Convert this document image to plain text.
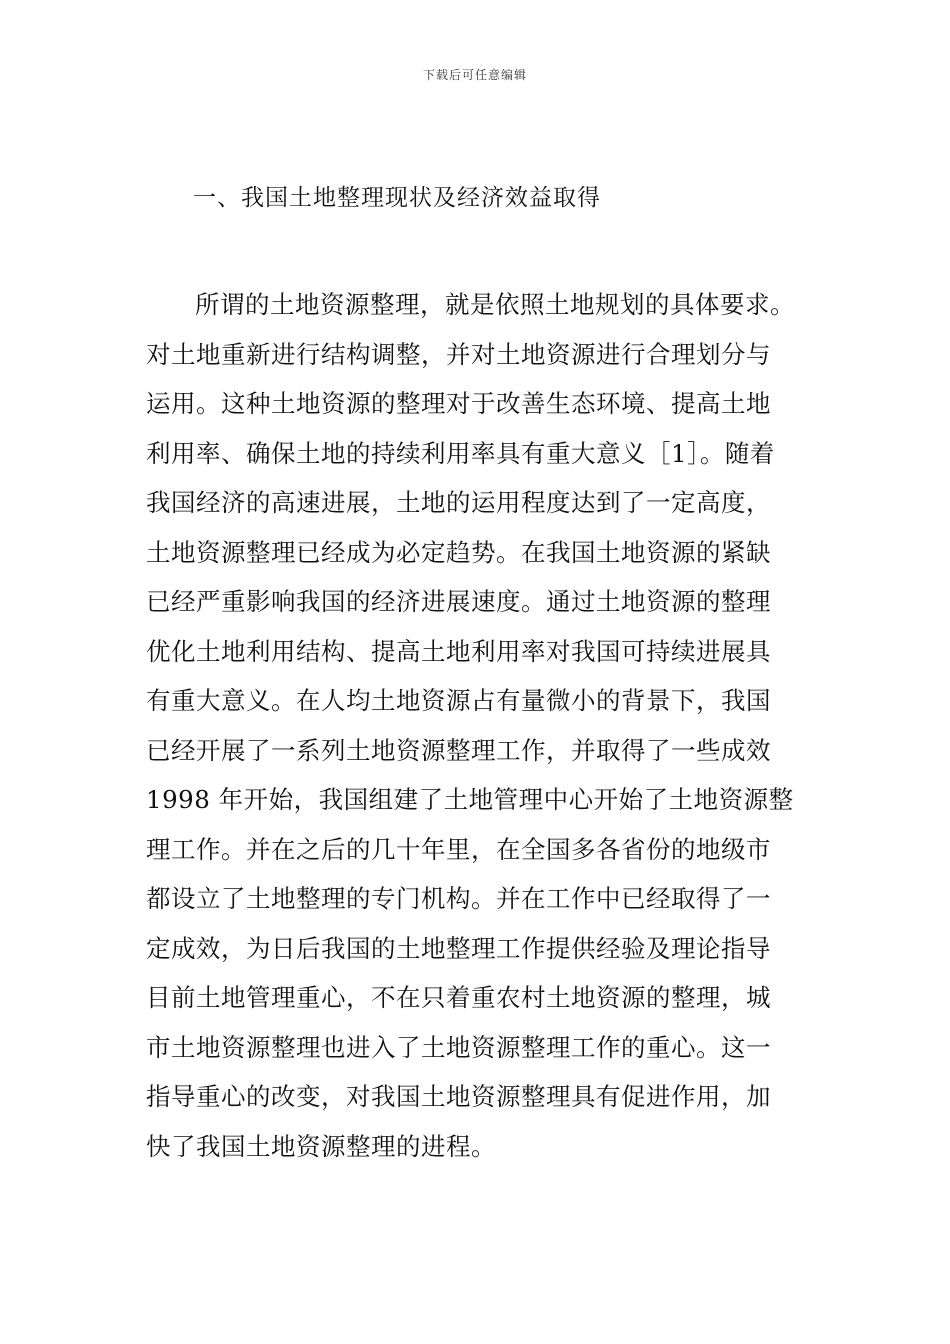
下载后可任意编辑
一、我国土地整理现状及经济效益取得
所谓的土地资源整理，就是依照土地规划的具体要求。
对土地重新进行结构调整，并对土地资源进行合理划分与
运用。这种土地资源的整理对于改善生态环境、提高土地
利用率、确保土地的持续利用率具有重大意义［1］。随着
我国经济的高速进展，土地的运用程度达到了一定高度，
土地资源整理已经成为必定趋势。在我国土地资源的紧缺
已经严重影响我国的经济进展速度。通过土地资源的整理
优化土地利用结构、提高土地利用率对我国可持续进展具
有重大意义。在人均土地资源占有量微小的背景下，我国
已经开展了一系列土地资源整理工作，并取得了一些成效
1998 年开始，我国组建了土地管理中心开始了土地资源整
理工作。并在之后的几十年里，在全国多各省份的地级市
都设立了土地整理的专门机构。并在工作中已经取得了一
定成效，为日后我国的土地整理工作提供经验及理论指导
目前土地管理重心，不在只着重农村土地资源的整理，城
市土地资源整理也进入了土地资源整理工作的重心。这一
指导重心的改变，对我国土地资源整理具有促进作用，加
快了我国土地资源整理的进程。
